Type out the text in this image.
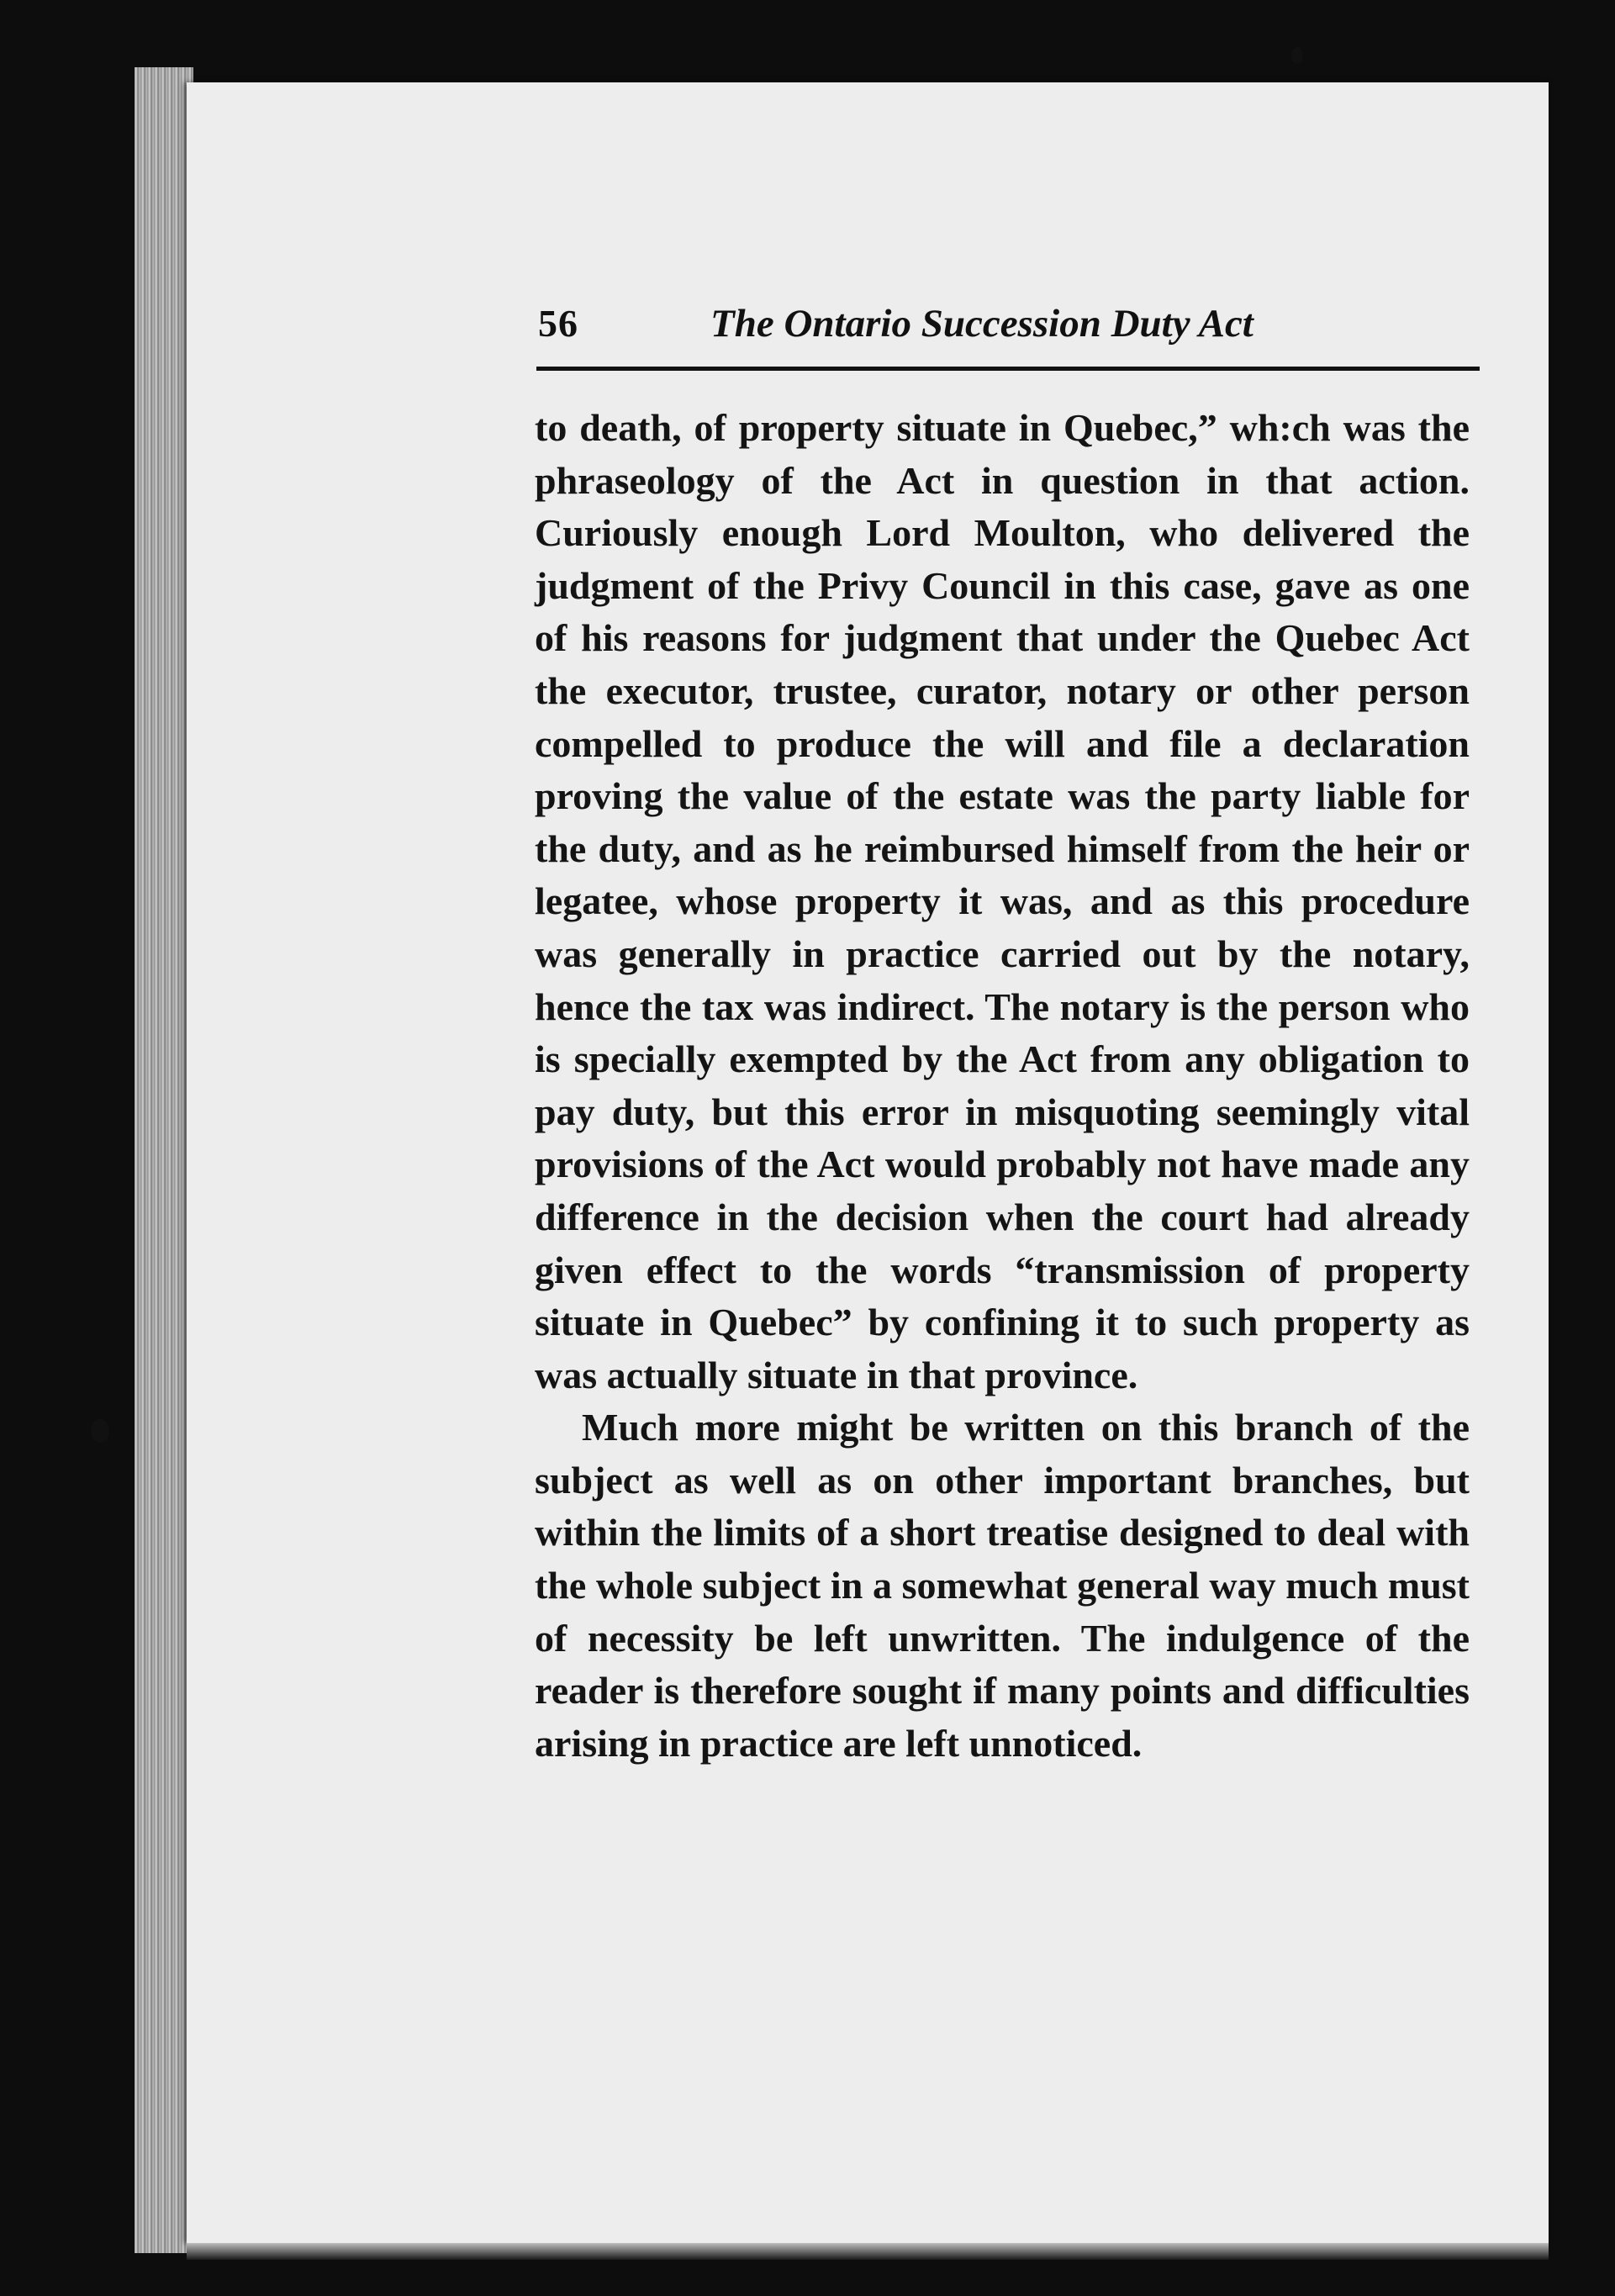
56	The Ontario Succession Duty Act

to death, of property situate in Quebec,” wh:ch was the phraseology of the Act in question in that action. Curiously enough Lord Moulton, who delivered the judgment of the Privy Council in this case, gave as one of his reasons for judgment that under the Quebec Act the executor, trustee, curator, notary or other person compelled to produce the will and file a declaration proving the value of the estate was the party liable for the duty, and as he reimbursed himself from the heir or legatee, whose property it was, and as this procedure was generally in practice carried out by the notary, hence the tax was indirect. The notary is the person who is specially exempted by the Act from any obligation to pay duty, but this error in misquoting seemingly vital provisions of the Act would probably not have made any difference in the decision when the court had already given effect to the words “transmission of property situate in Quebec” by confining it to such property as was actually situate in that province.

Much more might be written on this branch of the subject as well as on other important branches, but within the limits of a short treatise designed to deal with the whole subject in a somewhat general way much must of necessity be left unwritten. The indulgence of the reader is therefore sought if many points and difficulties arising in practice are left unnoticed.
